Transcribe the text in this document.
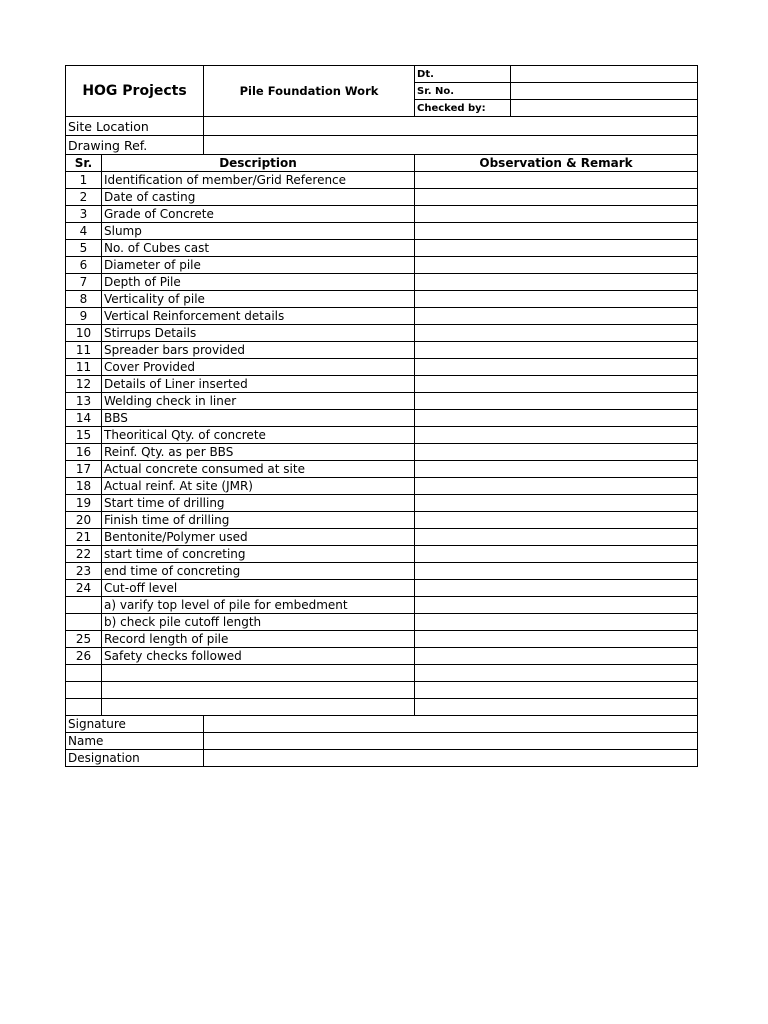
HOG Projects		Pile Foundation Work	Dt.	
			Sr. No.	
			Checked by:	
Site Location				
Drawing Ref.				
Sr.	Description		Observation & Remark	
1	Identification of member/Grid Reference			
2	Date of casting			
3	Grade of Concrete			
4	Slump			
5	No. of Cubes cast			
6	Diameter of pile			
7	Depth of Pile			
8	Verticality of pile			
9	Vertical Reinforcement details			
10	Stirrups Details			
11	Spreader bars provided			
11	Cover Provided			
12	Details of Liner inserted			
13	Welding check in liner			
14	BBS			
15	Theoritical Qty. of concrete			
16	Reinf. Qty. as per BBS			
17	Actual concrete consumed at site			
18	Actual reinf. At site (JMR)			
19	Start time of drilling			
20	Finish time of drilling			
21	Bentonite/Polymer used			
22	start time of concreting			
23	end time of concreting			
24	Cut-off level			
	a) varify top level of pile for embedment			
	b) check pile cutoff length			
25	Record length of pile			
26	Safety checks followed			

Signature				
Name				
Designation				
